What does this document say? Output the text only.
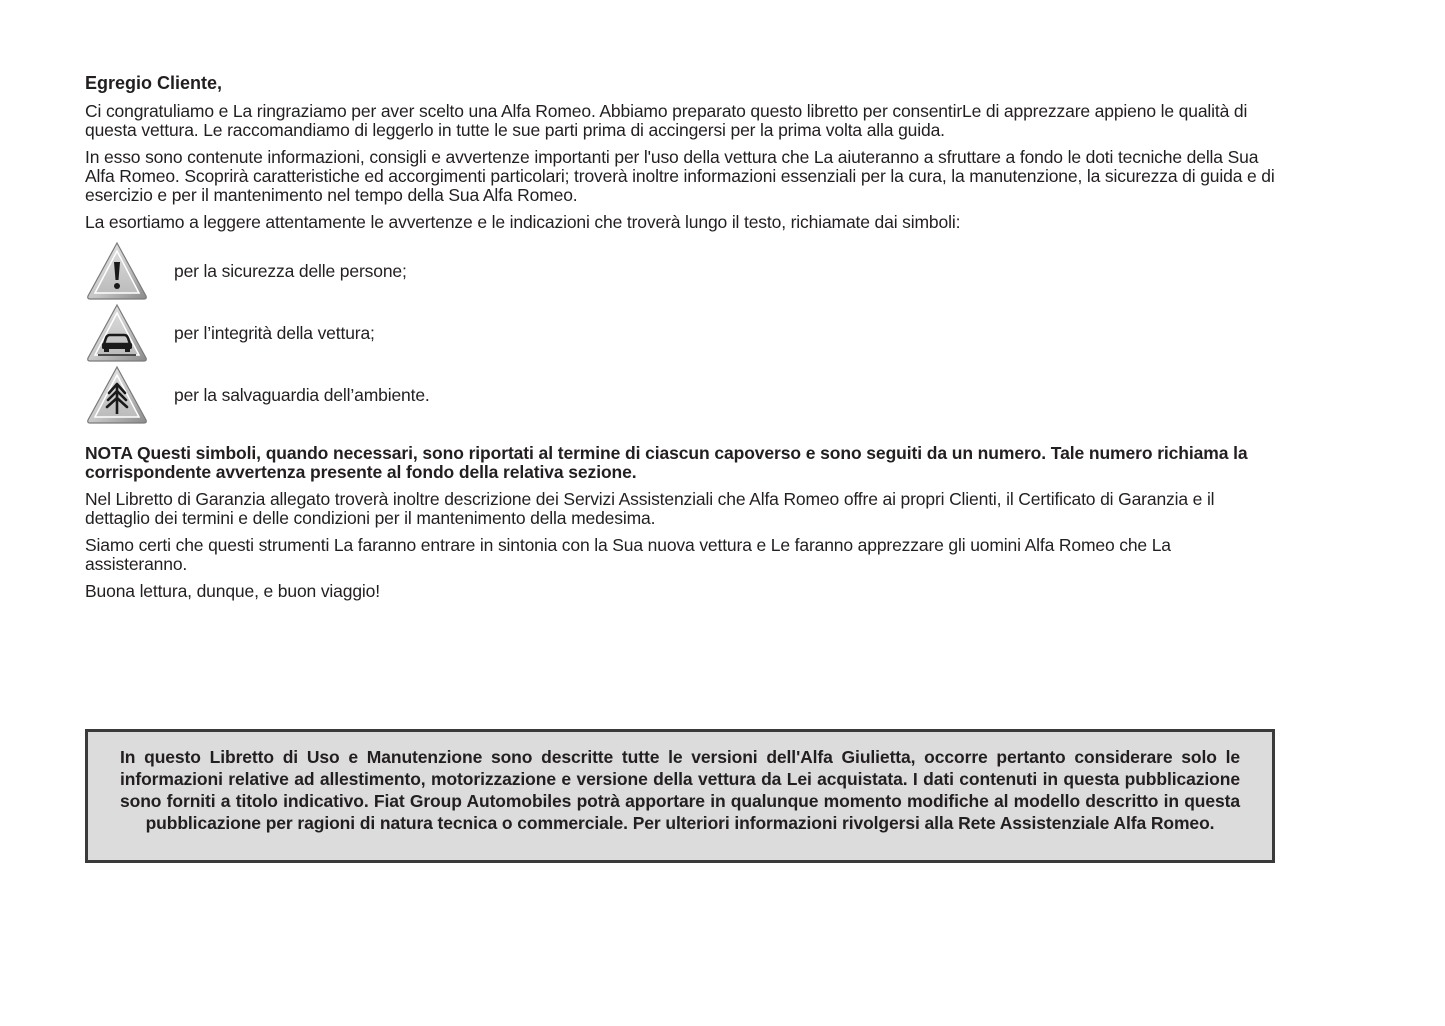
Egregio Cliente,

Ci congratuliamo e La ringraziamo per aver scelto una Alfa Romeo. Abbiamo preparato questo libretto per consentirLe di apprezzare appieno le qualità di questa vettura. Le raccomandiamo di leggerlo in tutte le sue parti prima di accingersi per la prima volta alla guida.

In esso sono contenute informazioni, consigli e avvertenze importanti per l'uso della vettura che La aiuteranno a sfruttare a fondo le doti tecniche della Sua Alfa Romeo. Scoprirà caratteristiche ed accorgimenti particolari; troverà inoltre informazioni essenziali per la cura, la manutenzione, la sicurezza di guida e di esercizio e per il mantenimento nel tempo della Sua Alfa Romeo.

La esortiamo a leggere attentamente le avvertenze e le indicazioni che troverà lungo il testo, richiamate dai simboli:

per la sicurezza delle persone;
per l’integrità della vettura;
per la salvaguardia dell’ambiente.

NOTA Questi simboli, quando necessari, sono riportati al termine di ciascun capoverso e sono seguiti da un numero. Tale numero richiama la corrispondente avvertenza presente al fondo della relativa sezione.

Nel Libretto di Garanzia allegato troverà inoltre descrizione dei Servizi Assistenziali che Alfa Romeo offre ai propri Clienti, il Certificato di Garanzia e il dettaglio dei termini e delle condizioni per il mantenimento della medesima.

Siamo certi che questi strumenti La faranno entrare in sintonia con la Sua nuova vettura e Le faranno apprezzare gli uomini Alfa Romeo che La assisteranno.

Buona lettura, dunque, e buon viaggio!

In questo Libretto di Uso e Manutenzione sono descritte tutte le versioni dell'Alfa Giulietta, occorre pertanto considerare solo le informazioni relative ad allestimento, motorizzazione e versione della vettura da Lei acquistata. I dati contenuti in questa pubblicazione sono forniti a titolo indicativo. Fiat Group Automobiles potrà apportare in qualunque momento modifiche al modello descritto in questa pubblicazione per ragioni di natura tecnica o commerciale. Per ulteriori informazioni rivolgersi alla Rete Assistenziale Alfa Romeo.
